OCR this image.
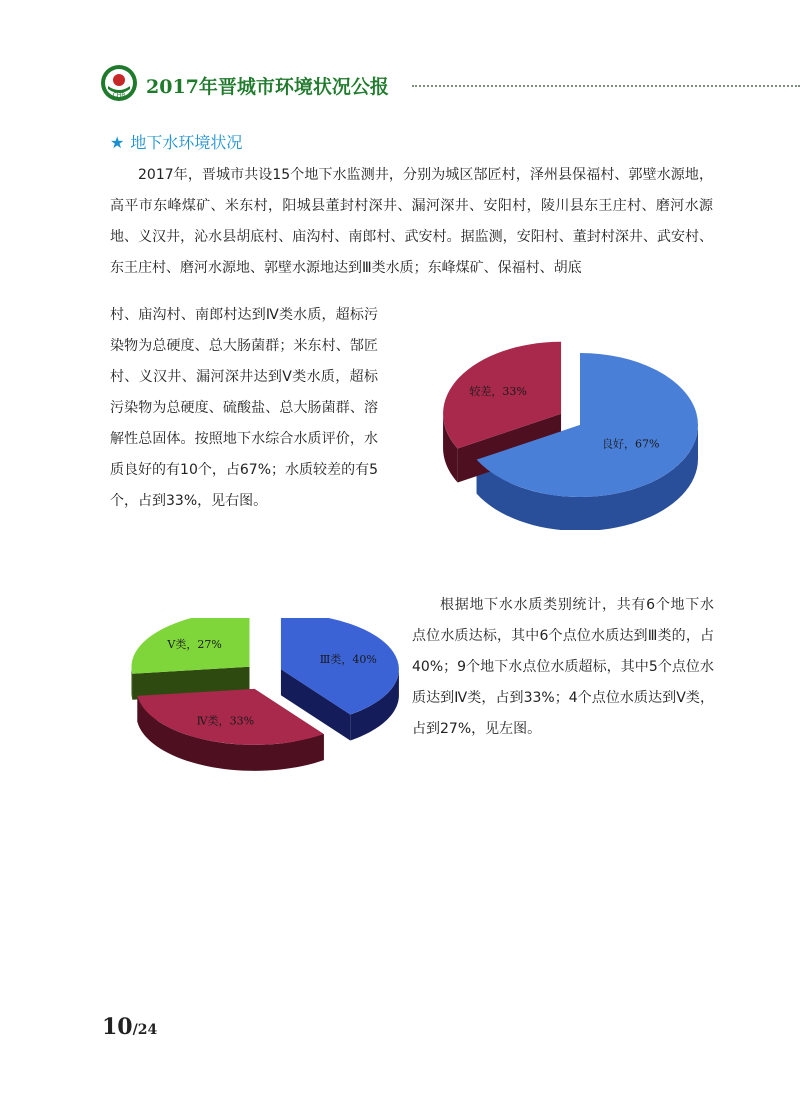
CHB 2017年晋城市环境状况公报
★ 地下水环境状况

2017年，晋城市共设15个地下水监测井，分别为城区郜匠村，泽州县保福村、郭壁水源地，高平市东峰煤矿、米东村，阳城县董封村深井、漏河深井、安阳村，陵川县东王庄村、磨河水源地、义汉井，沁水县胡底村、庙沟村、南郎村、武安村。据监测，安阳村、董封村深井、武安村、东王庄村、磨河水源地、郭壁水源地达到Ⅲ类水质；东峰煤矿、保福村、胡底

村、庙沟村、南郎村达到Ⅳ类水质，超标污染物为总硬度、总大肠菌群；米东村、郜匠村、义汉井、漏河深井达到Ⅴ类水质，超标污染物为总硬度、硫酸盐、总大肠菌群、溶解性总固体。按照地下水综合水质评价，水质良好的有10个，占67%；水质较差的有5个，占到33%，见右图。

根据地下水水质类别统计，共有6个地下水点位水质达标，其中6个点位水质达到Ⅲ类的，占40%；9个地下水点位水质超标，其中5个点位水质达到Ⅳ类，占到33%；4个点位水质达到Ⅴ类，占到27%，见左图。

良好，67%
较差，33%
Ⅲ类，40%
Ⅳ类，33%
Ⅴ类，27%
10/24
